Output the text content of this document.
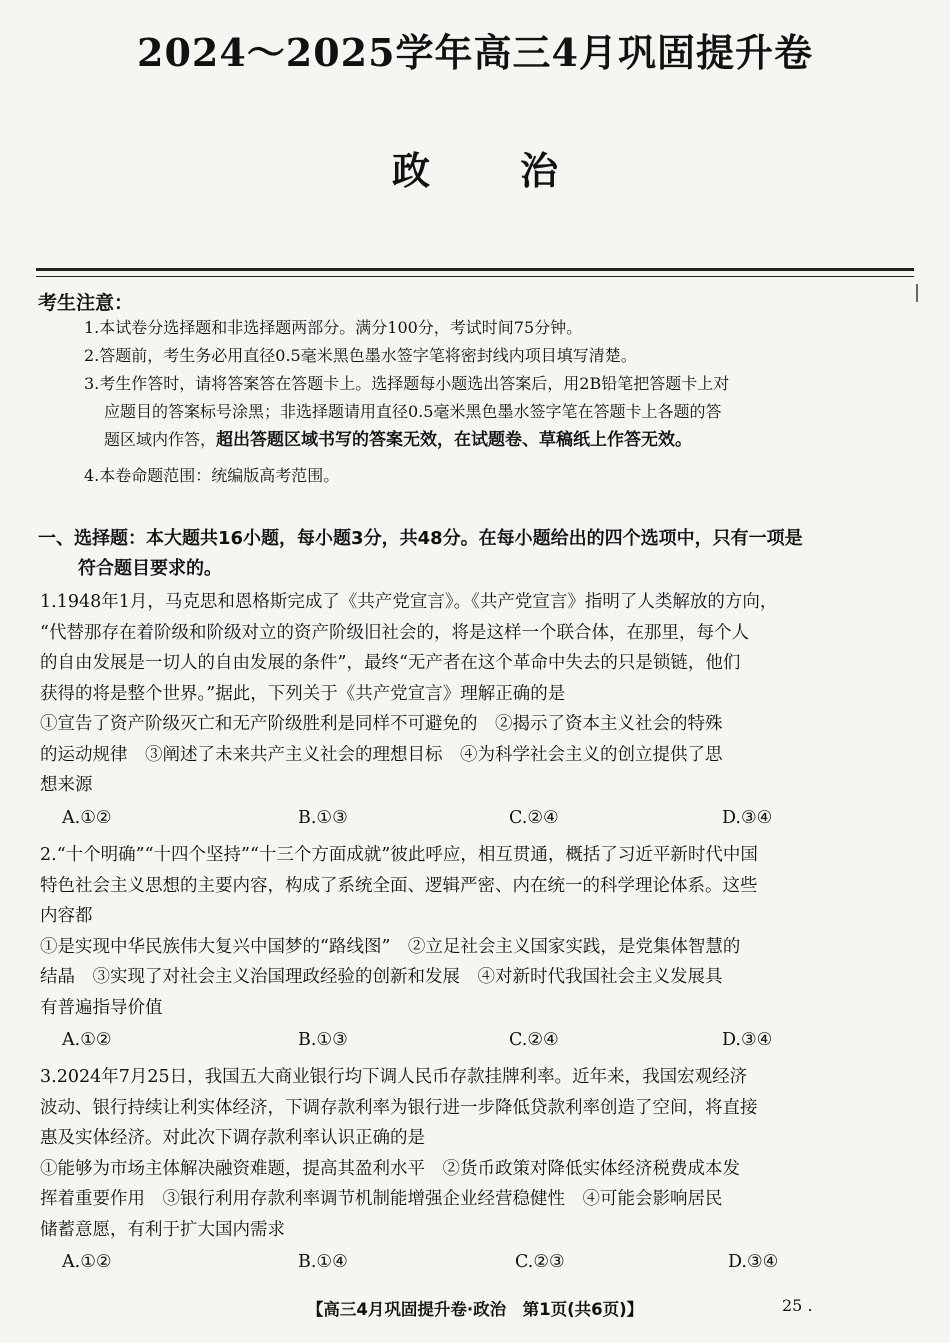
2024～2025学年高三4月巩固提升卷
政治
考生注意：
1.本试卷分选择题和非选择题两部分。满分100分，考试时间75分钟。
2.答题前，考生务必用直径0.5毫米黑色墨水签字笔将密封线内项目填写清楚。
3.考生作答时，请将答案答在答题卡上。选择题每小题选出答案后，用2B铅笔把答题卡上对
应题目的答案标号涂黑；非选择题请用直径0.5毫米黑色墨水签字笔在答题卡上各题的答
题区域内作答，超出答题区域书写的答案无效，在试题卷、草稿纸上作答无效。
4.本卷命题范围：统编版高考范围。
一、选择题：本大题共16小题，每小题3分，共48分。在每小题给出的四个选项中，只有一项是
符合题目要求的。
1.1948年1月，马克思和恩格斯完成了《共产党宣言》。《共产党宣言》指明了人类解放的方向，
“代替那存在着阶级和阶级对立的资产阶级旧社会的，将是这样一个联合体，在那里，每个人
的自由发展是一切人的自由发展的条件”，最终“无产者在这个革命中失去的只是锁链，他们
获得的将是整个世界。”据此，下列关于《共产党宣言》理解正确的是
①宣告了资产阶级灭亡和无产阶级胜利是同样不可避免的　②揭示了资本主义社会的特殊
的运动规律　③阐述了未来共产主义社会的理想目标　④为科学社会主义的创立提供了思
想来源
A.①②	B.①③	C.②④	D.③④
2.“十个明确”“十四个坚持”“十三个方面成就”彼此呼应，相互贯通，概括了习近平新时代中国
特色社会主义思想的主要内容，构成了系统全面、逻辑严密、内在统一的科学理论体系。这些
内容都
①是实现中华民族伟大复兴中国梦的“路线图”　②立足社会主义国家实践，是党集体智慧的
结晶　③实现了对社会主义治国理政经验的创新和发展　④对新时代我国社会主义发展具
有普遍指导价值
A.①②	B.①③	C.②④	D.③④
3.2024年7月25日，我国五大商业银行均下调人民币存款挂牌利率。近年来，我国宏观经济
波动、银行持续让利实体经济，下调存款利率为银行进一步降低贷款利率创造了空间，将直接
惠及实体经济。对此次下调存款利率认识正确的是
①能够为市场主体解决融资难题，提高其盈利水平　②货币政策对降低实体经济税费成本发
挥着重要作用　③银行利用存款利率调节机制能增强企业经营稳健性　④可能会影响居民
储蓄意愿，有利于扩大国内需求
A.①②	B.①④	C.②③	D.③④
【高三4月巩固提升卷·政治　第1页(共6页)】	25 .
